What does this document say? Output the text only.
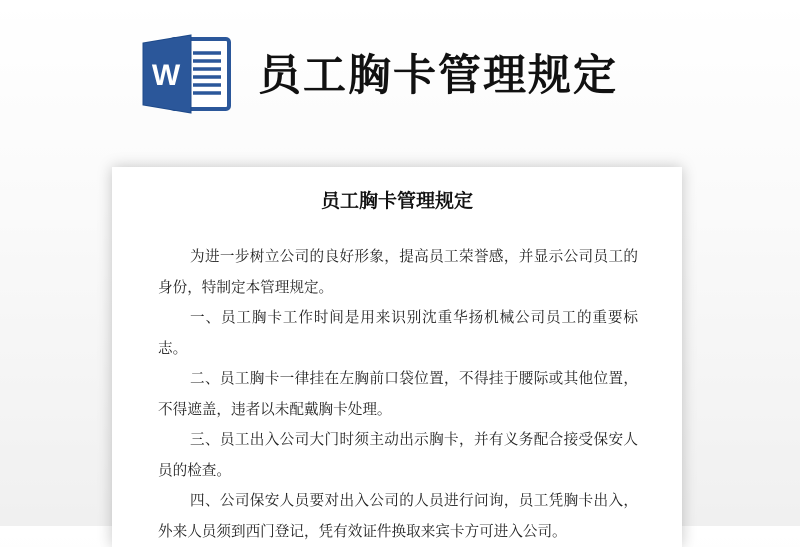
W 员工胸卡管理规定
员工胸卡管理规定

为进一步树立公司的良好形象，提高员工荣誉感，并显示公司员工的身份，特制定本管理规定。

一、员工胸卡工作时间是用来识别沈重华扬机械公司员工的重要标志。

二、员工胸卡一律挂在左胸前口袋位置，不得挂于腰际或其他位置，不得遮盖，违者以未配戴胸卡处理。

三、员工出入公司大门时须主动出示胸卡，并有义务配合接受保安人员的检查。

四、公司保安人员要对出入公司的人员进行问询，员工凭胸卡出入，外来人员须到西门登记，凭有效证件换取来宾卡方可进入公司。
